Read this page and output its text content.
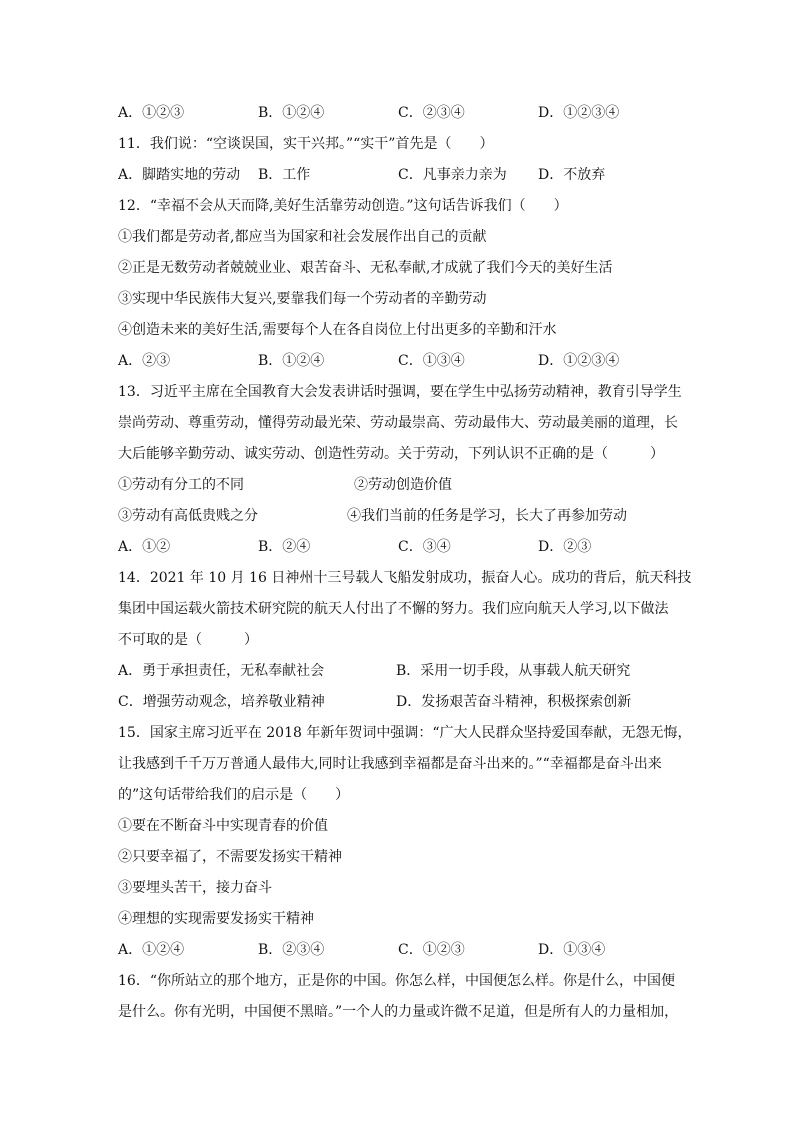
A．①②③	B．①②④	C．②③④	D．①②③④
11．我们说：“空谈误国，实干兴邦。”“实干”首先是（　　）
A．脚踏实地的劳动	B．工作	C．凡事亲力亲为	D．不放弃
12．“幸福不会从天而降,美好生活靠劳动创造。”这句话告诉我们（　　）
①我们都是劳动者,都应当为国家和社会发展作出自己的贡献
②正是无数劳动者兢兢业业、艰苦奋斗、无私奉献,才成就了我们今天的美好生活
③实现中华民族伟大复兴,要靠我们每一个劳动者的辛勤劳动
④创造未来的美好生活,需要每个人在各自岗位上付出更多的辛勤和汗水
A．②③	B．①②④	C．①③④	D．①②③④
13．习近平主席在全国教育大会发表讲话时强调，要在学生中弘扬劳动精神，教育引导学生
崇尚劳动、尊重劳动，懂得劳动最光荣、劳动最崇高、劳动最伟大、劳动最美丽的道理，长
大后能够辛勤劳动、诚实劳动、创造性劳动。关于劳动，下列认识不正确的是（　　　）
①劳动有分工的不同	②劳动创造价值
③劳动有高低贵贱之分	④我们当前的任务是学习，长大了再参加劳动
A．①②	B．②④	C．③④	D．②③
14．2021 年 10 月 16 日神州十三号载人飞船发射成功，振奋人心。成功的背后，航天科技
集团中国运载火箭技术研究院的航天人付出了不懈的努力。我们应向航天人学习,以下做法
不可取的是（　　　）
A．勇于承担责任，无私奉献社会	B．采用一切手段，从事载人航天研究
C．增强劳动观念，培养敬业精神	D．发扬艰苦奋斗精神，积极探索创新
15．国家主席习近平在 2018 年新年贺词中强调：“广大人民群众坚持爱国奉献，无怨无悔，
让我感到千千万万普通人最伟大,同时让我感到幸福都是奋斗出来的。”“幸福都是奋斗出来
的”这句话带给我们的启示是（　　）
①要在不断奋斗中实现青春的价值
②只要幸福了，不需要发扬实干精神
③要埋头苦干，接力奋斗
④理想的实现需要发扬实干精神
A．①②④	B．②③④	C．①②③	D．①③④
16．“你所站立的那个地方，正是你的中国。你怎么样，中国便怎么样。你是什么，中国便
是什么。你有光明，中国便不黑暗。”一个人的力量或许微不足道，但是所有人的力量相加，
